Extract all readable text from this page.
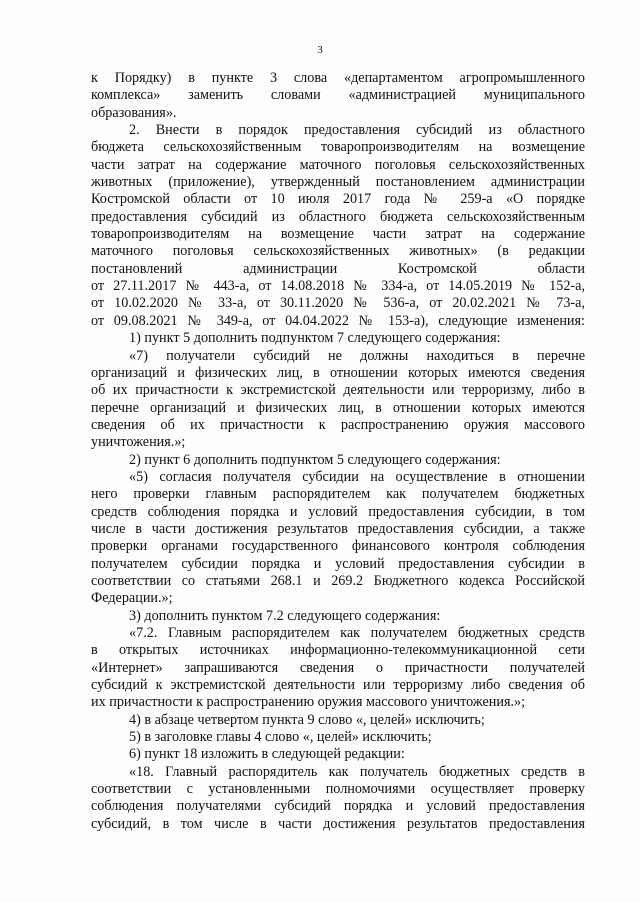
3
к Порядку) в пункте 3 слова «департаментом агропромышленного
комплекса» заменить словами «администрацией муниципального
образования».
2. Внести в порядок предоставления субсидий из областного
бюджета сельскохозяйственным товаропроизводителям на возмещение
части затрат на содержание маточного поголовья сельскохозяйственных
животных (приложение), утвержденный постановлением администрации
Костромской области от 10 июля 2017 года № 259-а «О порядке
предоставления субсидий из областного бюджета сельскохозяйственным
товаропроизводителям на возмещение части затрат на содержание
маточного поголовья сельскохозяйственных животных» (в редакции
постановлений администрации Костромской области
от 27.11.2017 № 443-а, от 14.08.2018 № 334-а, от 14.05.2019 № 152-а,
от 10.02.2020 № 33-а, от 30.11.2020 № 536-а, от 20.02.2021 № 73-а,
от 09.08.2021 № 349-а, от 04.04.2022 № 153-а), следующие изменения:
1) пункт 5 дополнить подпунктом 7 следующего содержания:
«7) получатели субсидий не должны находиться в перечне
организаций и физических лиц, в отношении которых имеются сведения
об их причастности к экстремистской деятельности или терроризму, либо в
перечне организаций и физических лиц, в отношении которых имеются
сведения об их причастности к распространению оружия массового
уничтожения.»;
2) пункт 6 дополнить подпунктом 5 следующего содержания:
«5) согласия получателя субсидии на осуществление в отношении
него проверки главным распорядителем как получателем бюджетных
средств соблюдения порядка и условий предоставления субсидии, в том
числе в части достижения результатов предоставления субсидии, а также
проверки органами государственного финансового контроля соблюдения
получателем субсидии порядка и условий предоставления субсидии в
соответствии со статьями 268.1 и 269.2 Бюджетного кодекса Российской
Федерации.»;
3) дополнить пунктом 7.2 следующего содержания:
«7.2. Главным распорядителем как получателем бюджетных средств
в открытых источниках информационно-телекоммуникационной сети
«Интернет» запрашиваются сведения о причастности получателей
субсидий к экстремистской деятельности или терроризму либо сведения об
их причастности к распространению оружия массового уничтожения.»;
4) в абзаце четвертом пункта 9 слово «, целей» исключить;
5) в заголовке главы 4 слово «, целей» исключить;
6) пункт 18 изложить в следующей редакции:
«18. Главный распорядитель как получатель бюджетных средств в
соответствии с установленными полномочиями осуществляет проверку
соблюдения получателями субсидий порядка и условий предоставления
субсидий, в том числе в части достижения результатов предоставления
